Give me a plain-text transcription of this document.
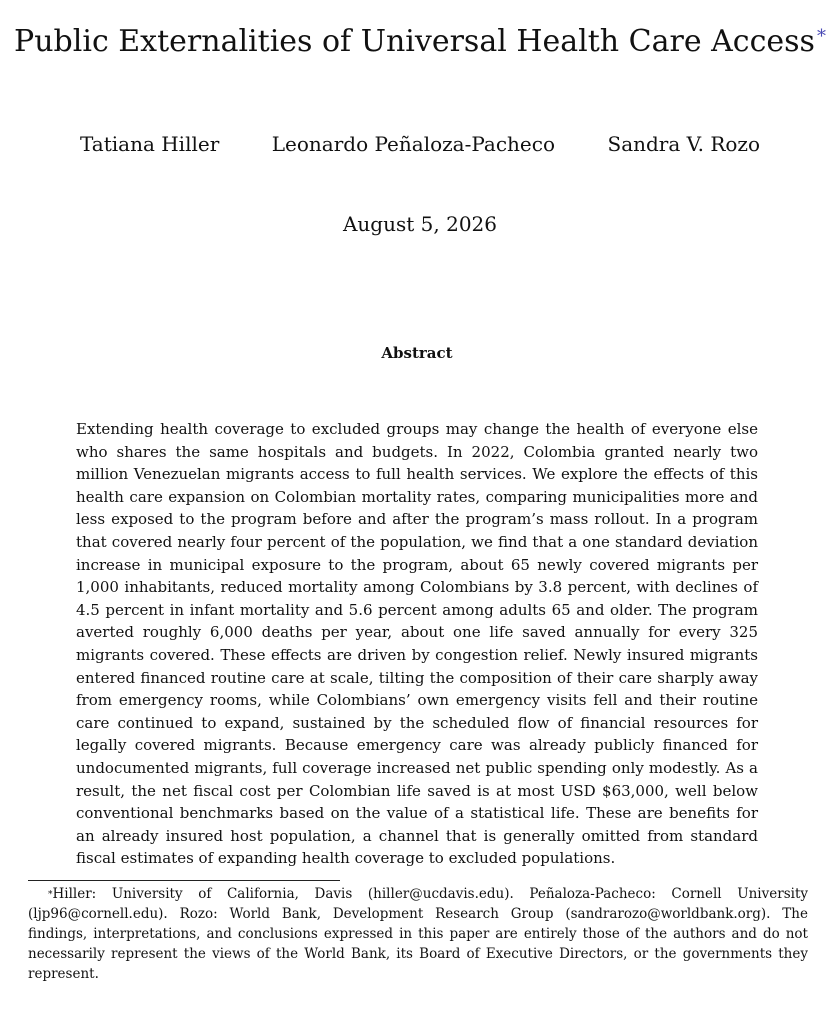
Public Externalities of Universal Health Care Access *
Tatiana Hiller	Leonardo Peñaloza-Pacheco	Sandra V. Rozo
August 5, 2026
Abstract

Extending health coverage to excluded groups may change the health of everyone else who shares the same hospitals and budgets. In 2022, Colombia granted nearly two million Venezuelan migrants access to full health services. We explore the effects of this health care expansion on Colombian mortality rates, comparing municipalities more and less exposed to the program before and after the program’s mass rollout. In a program that covered nearly four percent of the population, we find that a one standard deviation increase in municipal exposure to the program, about 65 newly covered migrants per 1,000 inhabitants, reduced mortality among Colombians by 3.8 percent, with declines of 4.5 percent in infant mortality and 5.6 percent among adults 65 and older. The program averted roughly 6,000 deaths per year, about one life saved annually for every 325 migrants covered. These effects are driven by congestion relief. Newly insured migrants entered financed routine care at scale, tilting the composition of their care sharply away from emergency rooms, while Colombians’ own emergency visits fell and their routine care continued to expand, sustained by the scheduled flow of financial resources for legally covered migrants. Because emergency care was already publicly financed for undocumented migrants, full coverage increased net public spending only modestly. As a result, the net fiscal cost per Colombian life saved is at most USD $63,000, well below conventional benchmarks based on the value of a statistical life. These are benefits for an already insured host population, a channel that is generally omitted from standard fiscal estimates of expanding health coverage to excluded populations.

*Hiller: University of California, Davis (hiller@ucdavis.edu). Peñaloza-Pacheco: Cornell University (ljp96@cornell.edu). Rozo: World Bank, Development Research Group (sandrarozo@worldbank.org). The findings, interpretations, and conclusions expressed in this paper are entirely those of the authors and do not necessarily represent the views of the World Bank, its Board of Executive Directors, or the governments they represent.
